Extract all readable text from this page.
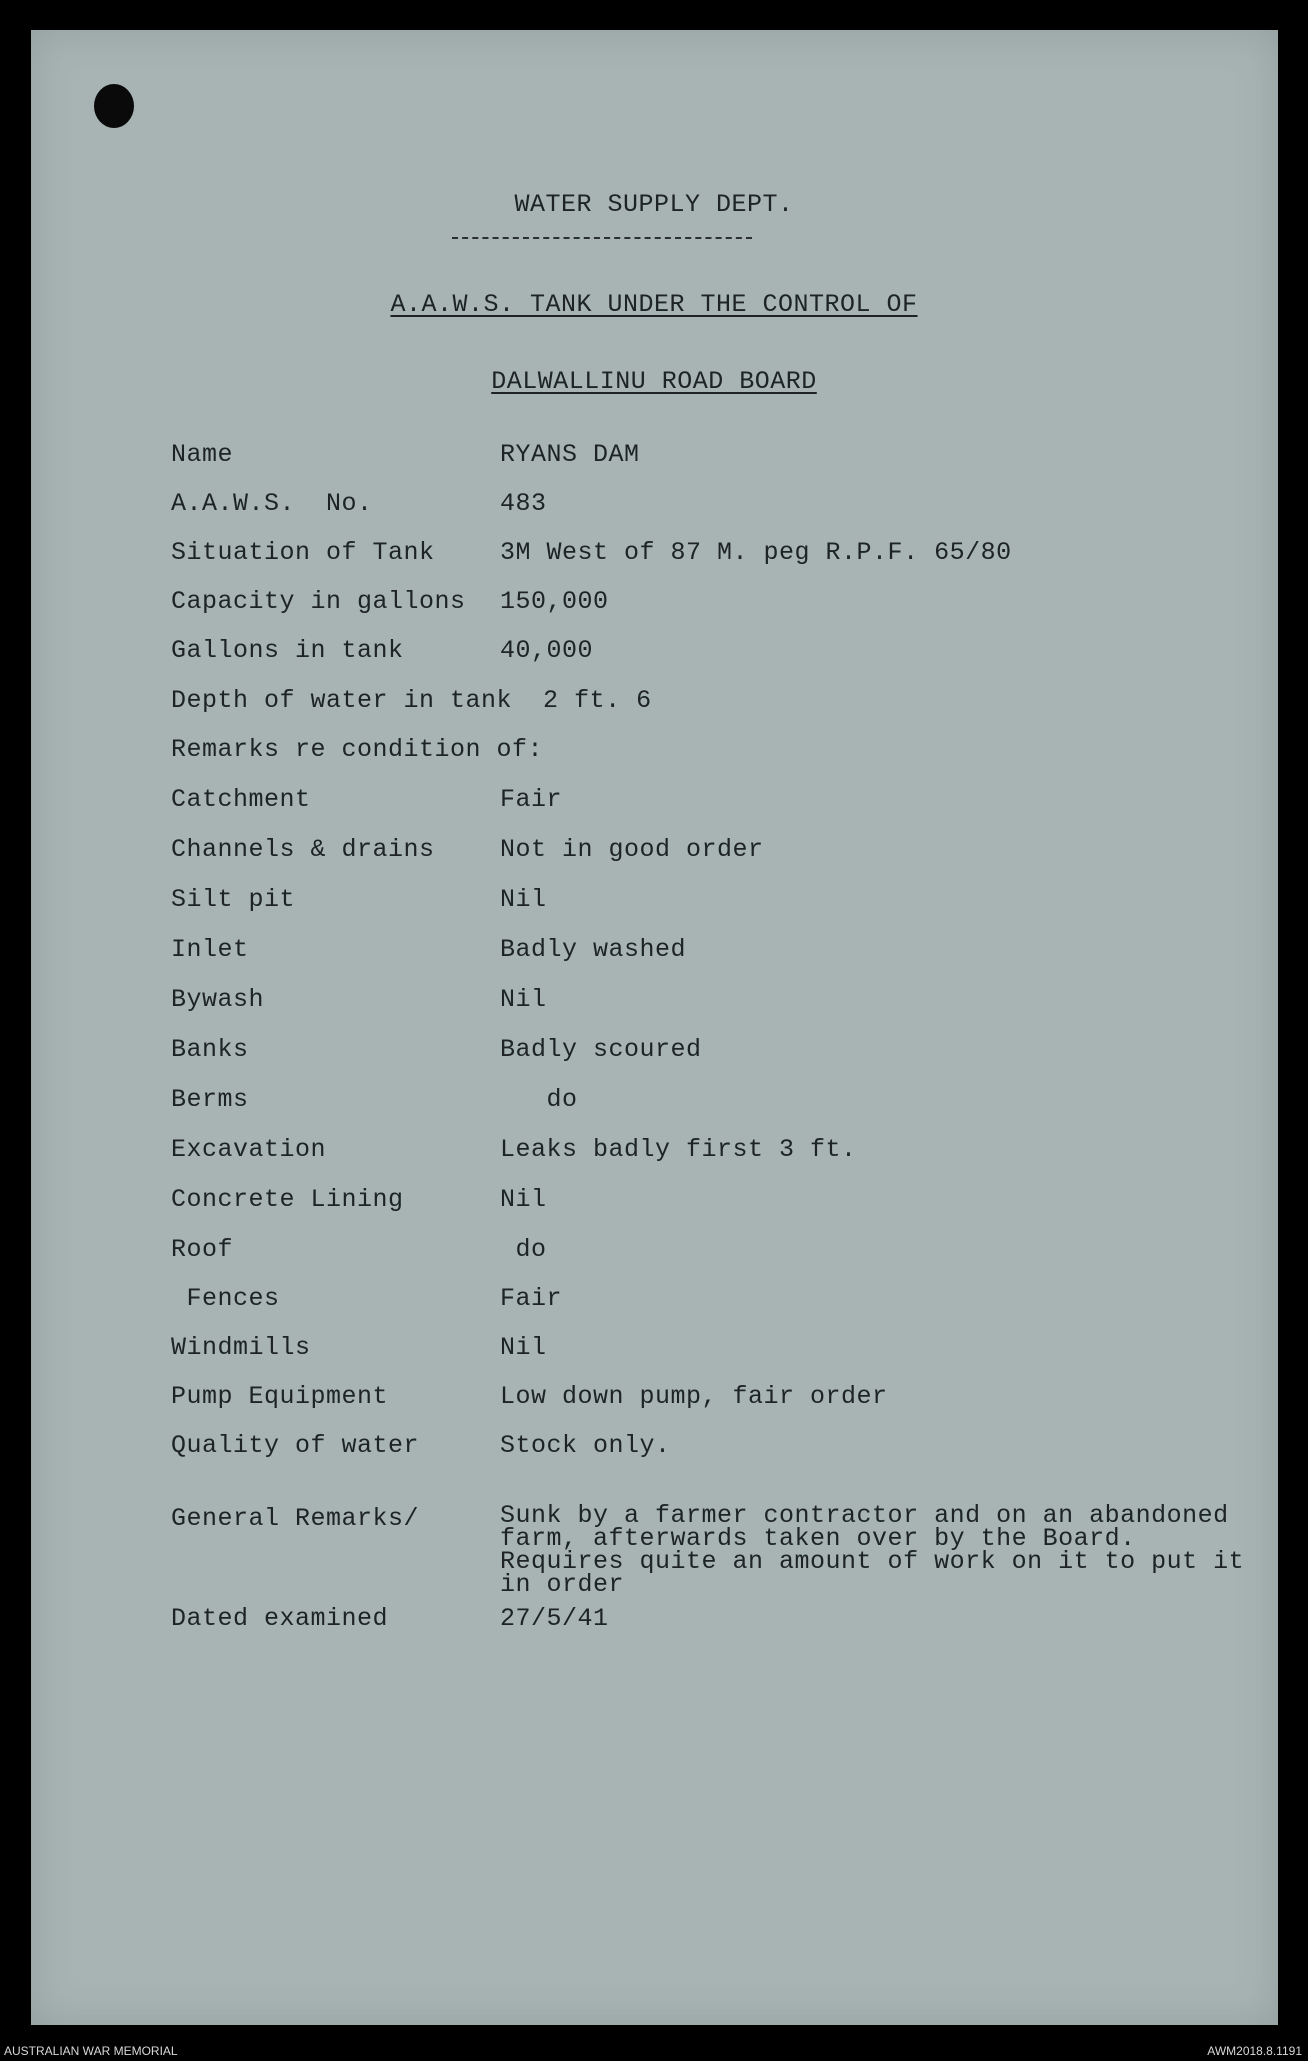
WATER SUPPLY DEPT.
A.A.W.S. TANK UNDER THE CONTROL OF
DALWALLINU ROAD BOARD
Name	RYANS DAM
A.A.W.S.  No.	483
Situation of Tank	3M West of 87 M. peg R.P.F. 65/80
Capacity in gallons 150,000
Gallons in tank	40,000
Depth of water in tank  2 ft. 6
Remarks re condition of:
Catchment	Fair
Channels & drains	Not in good order
Silt pit	Nil
Inlet	Badly washed
Bywash	Nil
Banks	Badly scoured
Berms	do
Excavation	Leaks badly first 3 ft.
Concrete Lining	Nil
Roof	do
Fences	Fair
Windmills	Nil
Pump Equipment	Low down pump, fair order
Quality of water	Stock only.
General Remarks/	Sunk by a farmer contractor and on an abandoned farm, afterwards taken over by the Board. Requires quite an amount of work on it to put it in order
Dated examined	27/5/41
AUSTRALIAN WAR MEMORIAL	AWM2018.8.1191
